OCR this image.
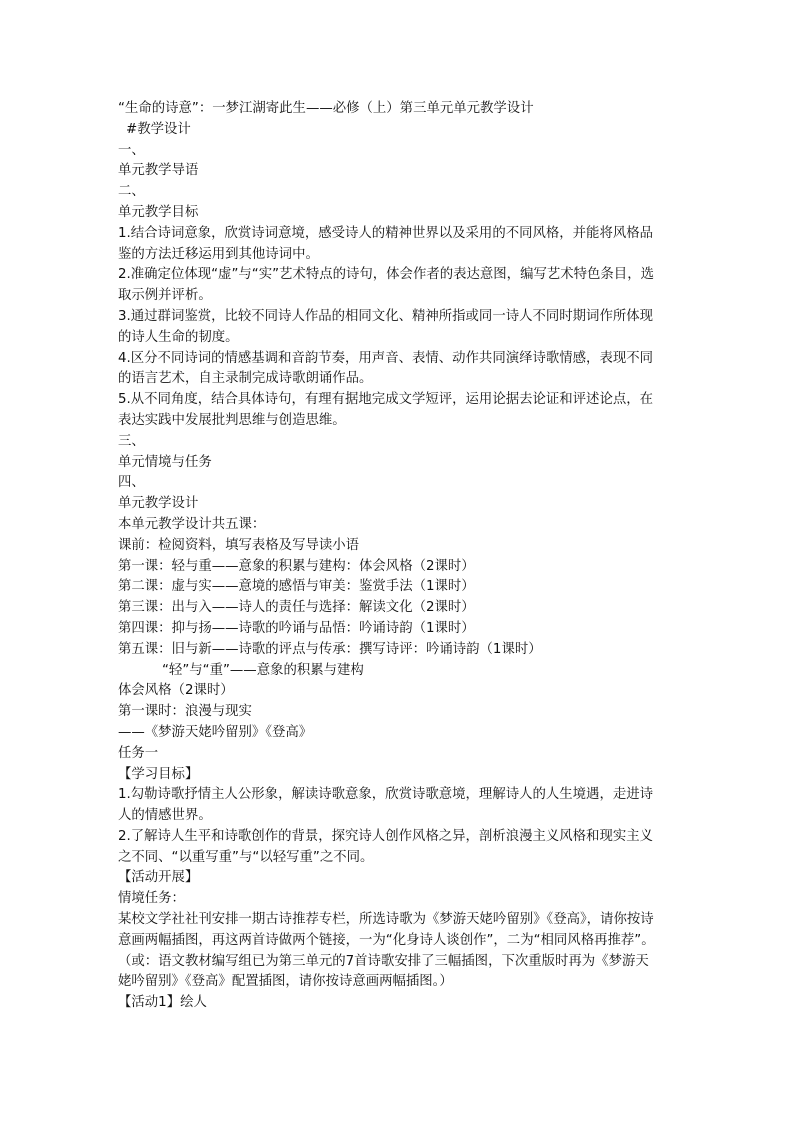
“生命的诗意”：一梦江湖寄此生——必修（上）第三单元单元教学设计
#教学设计
一、
单元教学导语
二、
单元教学目标
1.结合诗词意象，欣赏诗词意境，感受诗人的精神世界以及采用的不同风格，并能将风格品
鉴的方法迁移运用到其他诗词中。
2.准确定位体现“虚”与“实”艺术特点的诗句，体会作者的表达意图，编写艺术特色条目，选
取示例并评析。
3.通过群词鉴赏，比较不同诗人作品的相同文化、精神所指或同一诗人不同时期词作所体现
的诗人生命的韧度。
4.区分不同诗词的情感基调和音韵节奏，用声音、表情、动作共同演绎诗歌情感，表现不同
的语言艺术，自主录制完成诗歌朗诵作品。
5.从不同角度，结合具体诗句，有理有据地完成文学短评，运用论据去论证和评述论点，在
表达实践中发展批判思维与创造思维。
三、
单元情境与任务
四、
单元教学设计
本单元教学设计共五课：
课前：检阅资料，填写表格及写导读小语
第一课：轻与重——意象的积累与建构：体会风格（2课时）
第二课：虚与实——意境的感悟与审美：鉴赏手法（1课时）
第三课：出与入——诗人的责任与选择：解读文化（2课时）
第四课：抑与扬——诗歌的吟诵与品悟：吟诵诗韵（1课时）
第五课：旧与新——诗歌的评点与传承：撰写诗评：吟诵诗韵（1课时）
“轻”与“重”——意象的积累与建构
体会风格（2课时）
第一课时：浪漫与现实
——《梦游天姥吟留别》《登高》
任务一
【学习目标】
1.勾勒诗歌抒情主人公形象，解读诗歌意象，欣赏诗歌意境，理解诗人的人生境遇，走进诗
人的情感世界。
2.了解诗人生平和诗歌创作的背景，探究诗人创作风格之异，剖析浪漫主义风格和现实主义
之不同、“以重写重”与“以轻写重”之不同。
【活动开展】
情境任务：
某校文学社社刊安排一期古诗推荐专栏，所选诗歌为《梦游天姥吟留别》《登高》，请你按诗
意画两幅插图，再这两首诗做两个链接，一为“化身诗人谈创作”，二为“相同风格再推荐”。
（或：语文教材编写组已为第三单元的7首诗歌安排了三幅插图，下次重版时再为《梦游天
姥吟留别》《登高》配置插图，请你按诗意画两幅插图。）
【活动1】绘人
